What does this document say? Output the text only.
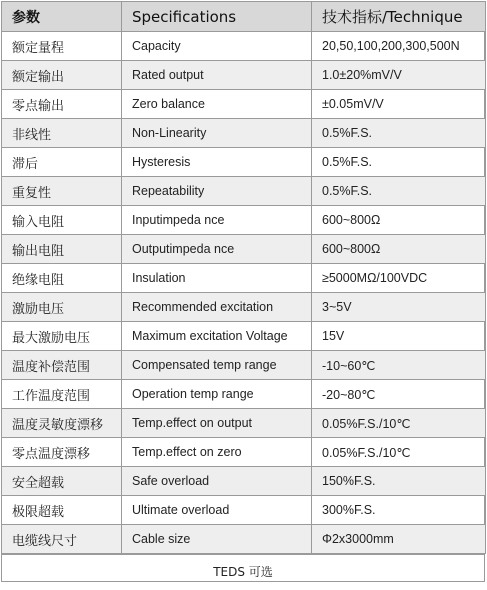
参数	Specifications	技术指标/Technique
额定量程	Capacity	20,50,100,200,300,500N
额定输出	Rated output	1.0±20%mV/V
零点输出	Zero balance	±0.05mV/V
非线性	Non-Linearity	0.5%F.S.
滞后	Hysteresis	0.5%F.S.
重复性	Repeatability	0.5%F.S.
输入电阻	Inputimpeda nce	600~800Ω
输出电阻	Outputimpeda nce	600~800Ω
绝缘电阻	Insulation	≥5000MΩ/100VDC
激励电压	Recommended excitation	3~5V
最大激励电压	Maximum excitation Voltage	15V
温度补偿范围	Compensated temp range	-10~60℃
工作温度范围	Operation temp range	-20~80℃
温度灵敏度漂移	Temp.effect on output	0.05%F.S./10℃
零点温度漂移	Temp.effect on zero	0.05%F.S./10℃
安全超载	Safe overload	150%F.S.
极限超载	Ultimate overload	300%F.S.
电缆线尺寸	Cable size	Φ2x3000mm
TEDS 可选
